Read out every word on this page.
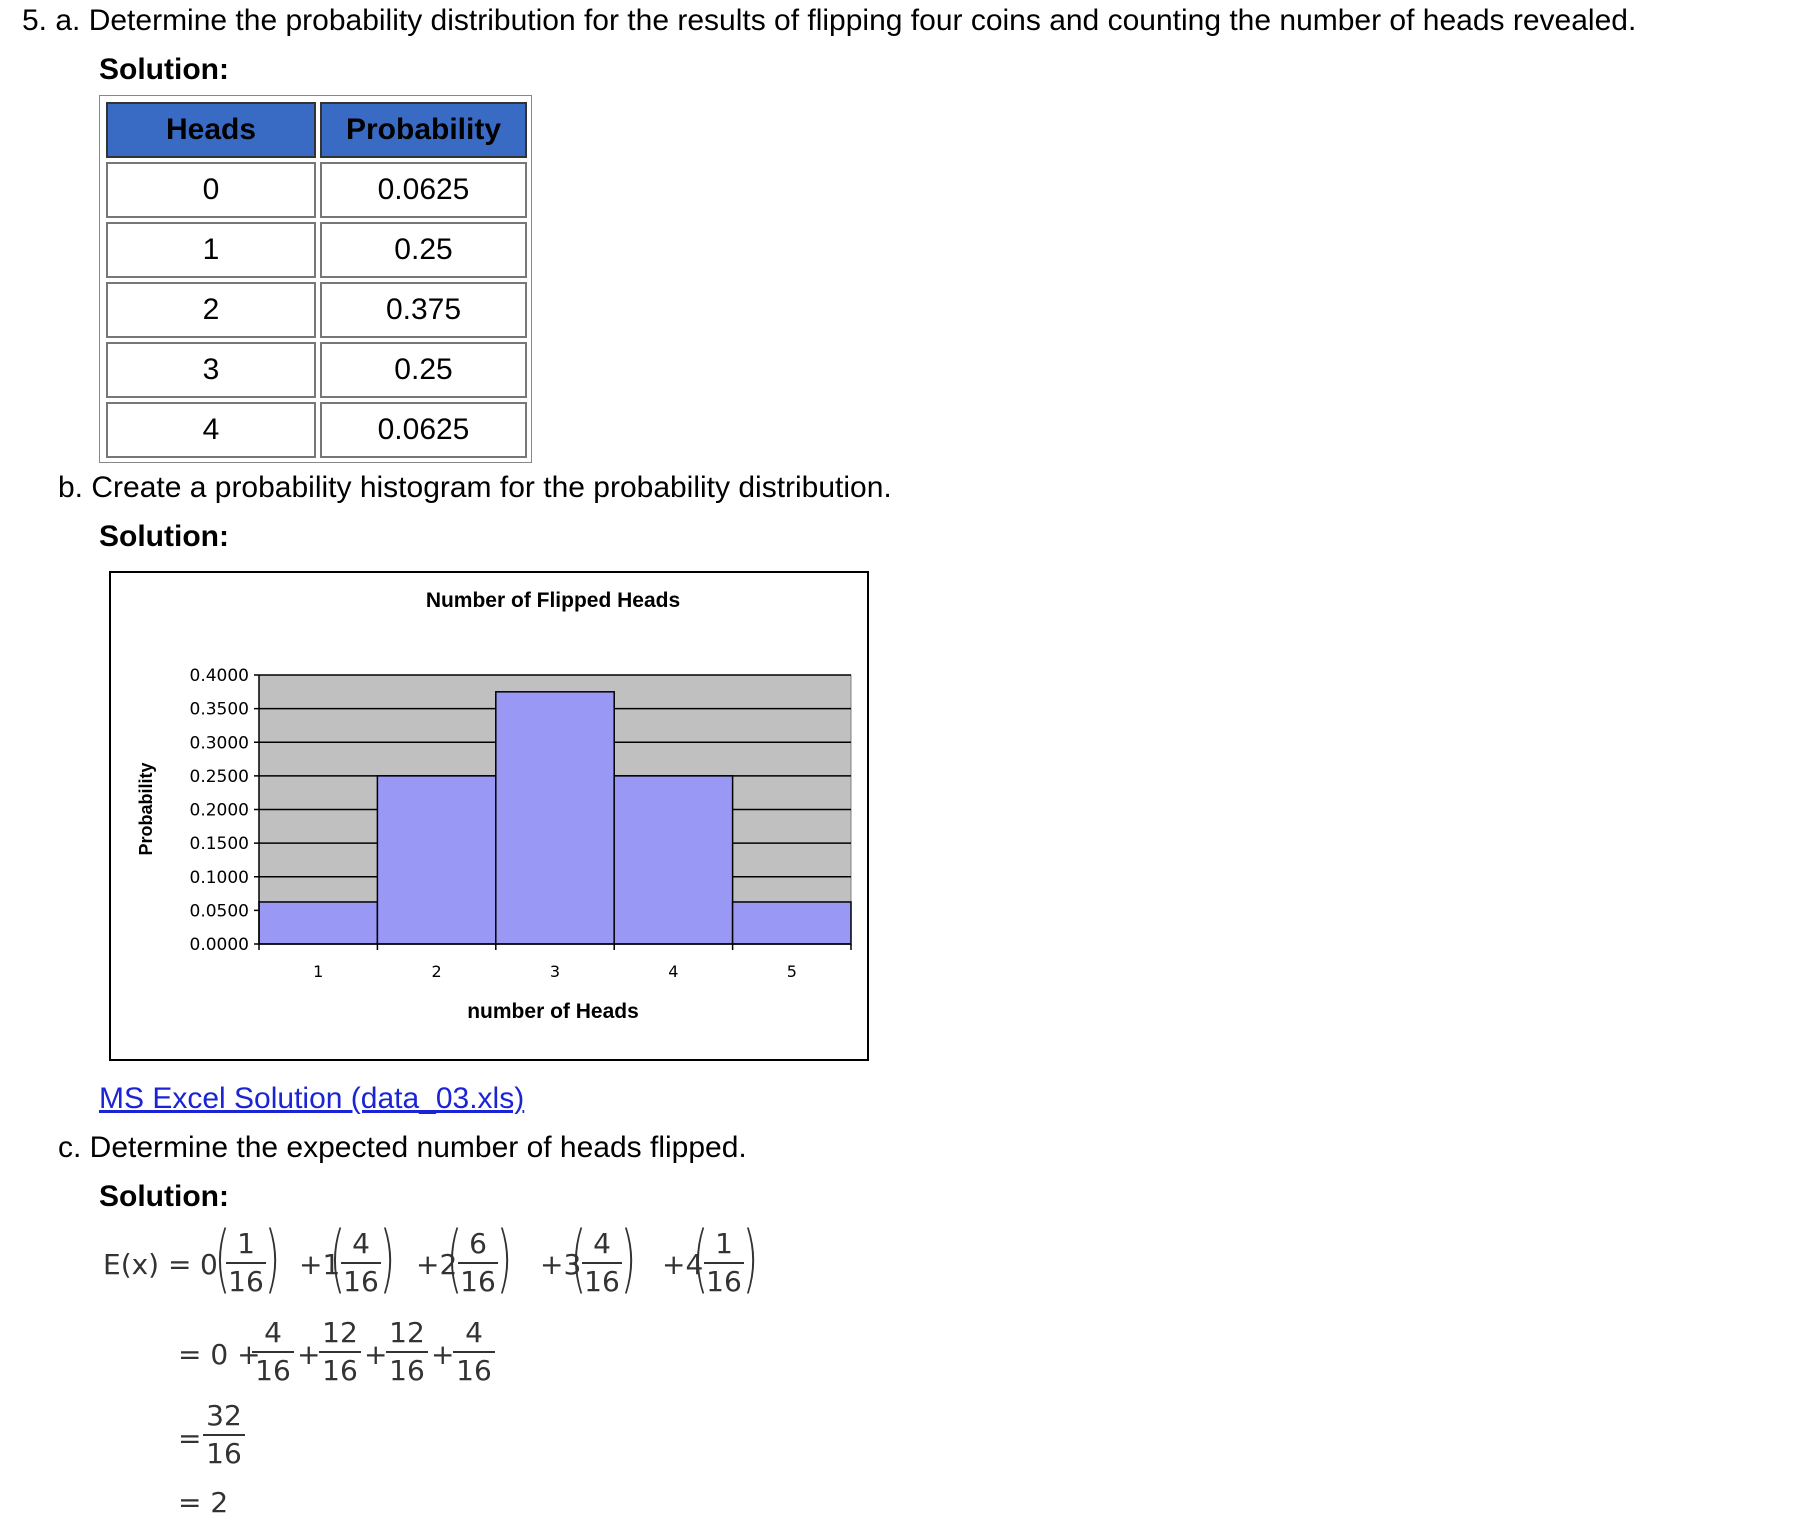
5. a. Determine the probability distribution for the results of flipping four coins and counting the number of heads revealed.
Solution:
Heads	Probability
0	0.0625
1	0.25
2	0.375
3	0.25
4	0.0625
b. Create a probability histogram for the probability distribution.
Solution:
Number of Flipped Heads
number of Heads
Probability
0.0000
0.0500
0.1000
0.1500
0.2000
0.2500
0.3000
0.3500
0.4000
1	2	3	4	5
MS Excel Solution (data_03.xls)
c. Determine the expected number of heads flipped.
Solution:
E(x) = 0
( 1
16 ) +1
( 4
16 ) +2
( 6
16 ) +3
( 4
16 ) +4
( 1
16 )
= 0 +
4
16 +
12
16 +
12
16 +
4
16
=
32
16
= 2
